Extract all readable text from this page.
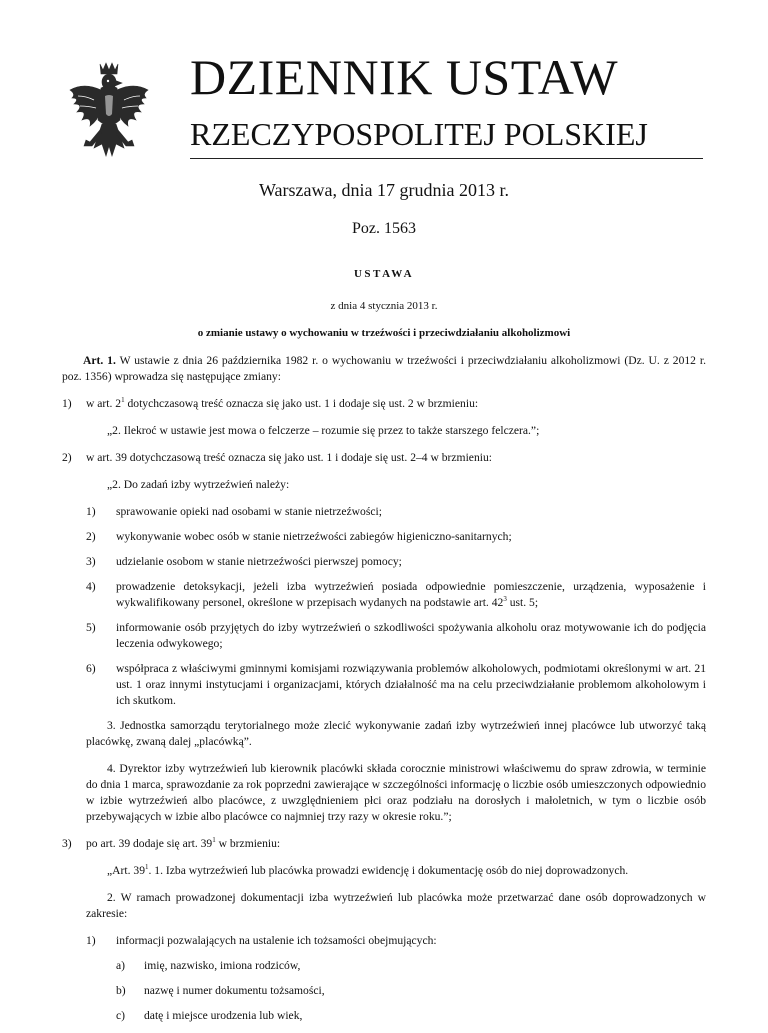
DZIENNIK USTAW
RZECZYPOSPOLITEJ POLSKIEJ
Warszawa, dnia 17 grudnia 2013 r.
Poz. 1563
USTAWA
z dnia 4 stycznia 2013 r.
o zmianie ustawy o wychowaniu w trzeźwości i przeciwdziałaniu alkoholizmowi

Art. 1. W ustawie z dnia 26 października 1982 r. o wychowaniu w trzeźwości i przeciwdziałaniu alkoholizmowi (Dz. U. z 2012 r. poz. 1356) wprowadza się następujące zmiany:

1) w art. $2^1$ dotychczasową treść oznacza się jako ust. 1 i dodaje się ust. 2 w brzmieniu:

„2. Ilekroć w ustawie jest mowa o felczerze – rozumie się przez to także starszego felczera.”;

2) w art. 39 dotychczasową treść oznacza się jako ust. 1 i dodaje się ust. 2–4 w brzmieniu:

„2. Do zadań izby wytrzeźwień należy:

1) sprawowanie opieki nad osobami w stanie nietrzeźwości;
2) wykonywanie wobec osób w stanie nietrzeźwości zabiegów higieniczno-sanitarnych;
3) udzielanie osobom w stanie nietrzeźwości pierwszej pomocy;
4) prowadzenie detoksykacji, jeżeli izba wytrzeźwień posiada odpowiednie pomieszczenie, urządzenia, wyposażenie i wykwalifikowany personel, określone w przepisach wydanych na podstawie art. $42^3$ ust. 5;
5) informowanie osób przyjętych do izby wytrzeźwień o szkodliwości spożywania alkoholu oraz motywowanie ich do podjęcia leczenia odwykowego;
6) współpraca z właściwymi gminnymi komisjami rozwiązywania problemów alkoholowych, podmiotami określonymi w art. 21 ust. 1 oraz innymi instytucjami i organizacjami, których działalność ma na celu przeciwdziałanie problemom alkoholowym i ich skutkom.

3. Jednostka samorządu terytorialnego może zlecić wykonywanie zadań izby wytrzeźwień innej placówce lub utworzyć taką placówkę, zwaną dalej „placówką”.

4. Dyrektor izby wytrzeźwień lub kierownik placówki składa corocznie ministrowi właściwemu do spraw zdrowia, w terminie do dnia 1 marca, sprawozdanie za rok poprzedni zawierające w szczególności informację o liczbie osób umieszczonych odpowiednio w izbie wytrzeźwień albo placówce, z uwzględnieniem płci oraz podziału na dorosłych i małoletnich, w tym o liczbie osób przebywających w izbie albo placówce co najmniej trzy razy w okresie roku.”;

3) po art. 39 dodaje się art. $39^1$ w brzmieniu:

„Art. $39^1$. 1. Izba wytrzeźwień lub placówka prowadzi ewidencję i dokumentację osób do niej doprowadzonych.

2. W ramach prowadzonej dokumentacji izba wytrzeźwień lub placówka może przetwarzać dane osób doprowadzonych w zakresie:

1) informacji pozwalających na ustalenie ich tożsamości obejmujących:
a) imię, nazwisko, imiona rodziców,
b) nazwę i numer dokumentu tożsamości,
c) datę i miejsce urodzenia lub wiek,
